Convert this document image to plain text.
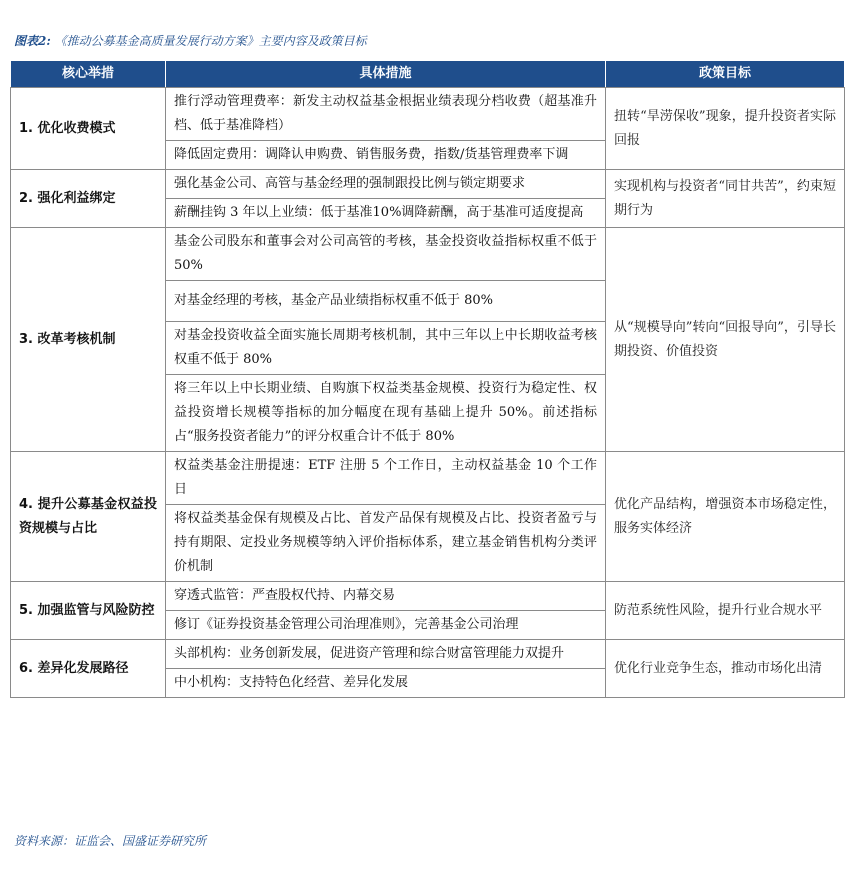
图表2: 《推动公募基金高质量发展行动方案》主要内容及政策目标
核心举措	具体措施	政策目标
1. 优化收费模式	推行浮动管理费率：新发主动权益基金根据业绩表现分档收费（超基准升档、低于基准降档）	扭转“旱涝保收”现象，提升投资者实际回报
	降低固定费用：调降认申购费、销售服务费，指数/货基管理费率下调	
2. 强化利益绑定	强化基金公司、高管与基金经理的强制跟投比例与锁定期要求	实现机构与投资者“同甘共苦”，约束短期行为
	薪酬挂钩 3 年以上业绩：低于基准10%调降薪酬，高于基准可适度提高	
3. 改革考核机制	基金公司股东和董事会对公司高管的考核，基金投资收益指标权重不低于 50%	从“规模导向”转向“回报导向”，引导长期投资、价值投资
	对基金经理的考核，基金产品业绩指标权重不低于 80%	
	对基金投资收益全面实施长周期考核机制，其中三年以上中长期收益考核权重不低于 80%	
	将三年以上中长期业绩、自购旗下权益类基金规模、投资行为稳定性、权益投资增长规模等指标的加分幅度在现有基础上提升 50%。前述指标占“服务投资者能力”的评分权重合计不低于 80%	
4. 提升公募基金权益投资规模与占比	权益类基金注册提速：ETF 注册 5 个工作日，主动权益基金 10 个工作日	优化产品结构，增强资本市场稳定性，服务实体经济
	将权益类基金保有规模及占比、首发产品保有规模及占比、投资者盈亏与持有期限、定投业务规模等纳入评价指标体系，建立基金销售机构分类评价机制	
5. 加强监管与风险防控	穿透式监管：严查股权代持、内幕交易	防范系统性风险，提升行业合规水平
	修订《证券投资基金管理公司治理准则》，完善基金公司治理	
6. 差异化发展路径	头部机构：业务创新发展，促进资产管理和综合财富管理能力双提升	优化行业竞争生态，推动市场化出清
	中小机构：支持特色化经营、差异化发展	
资料来源：证监会、国盛证券研究所
